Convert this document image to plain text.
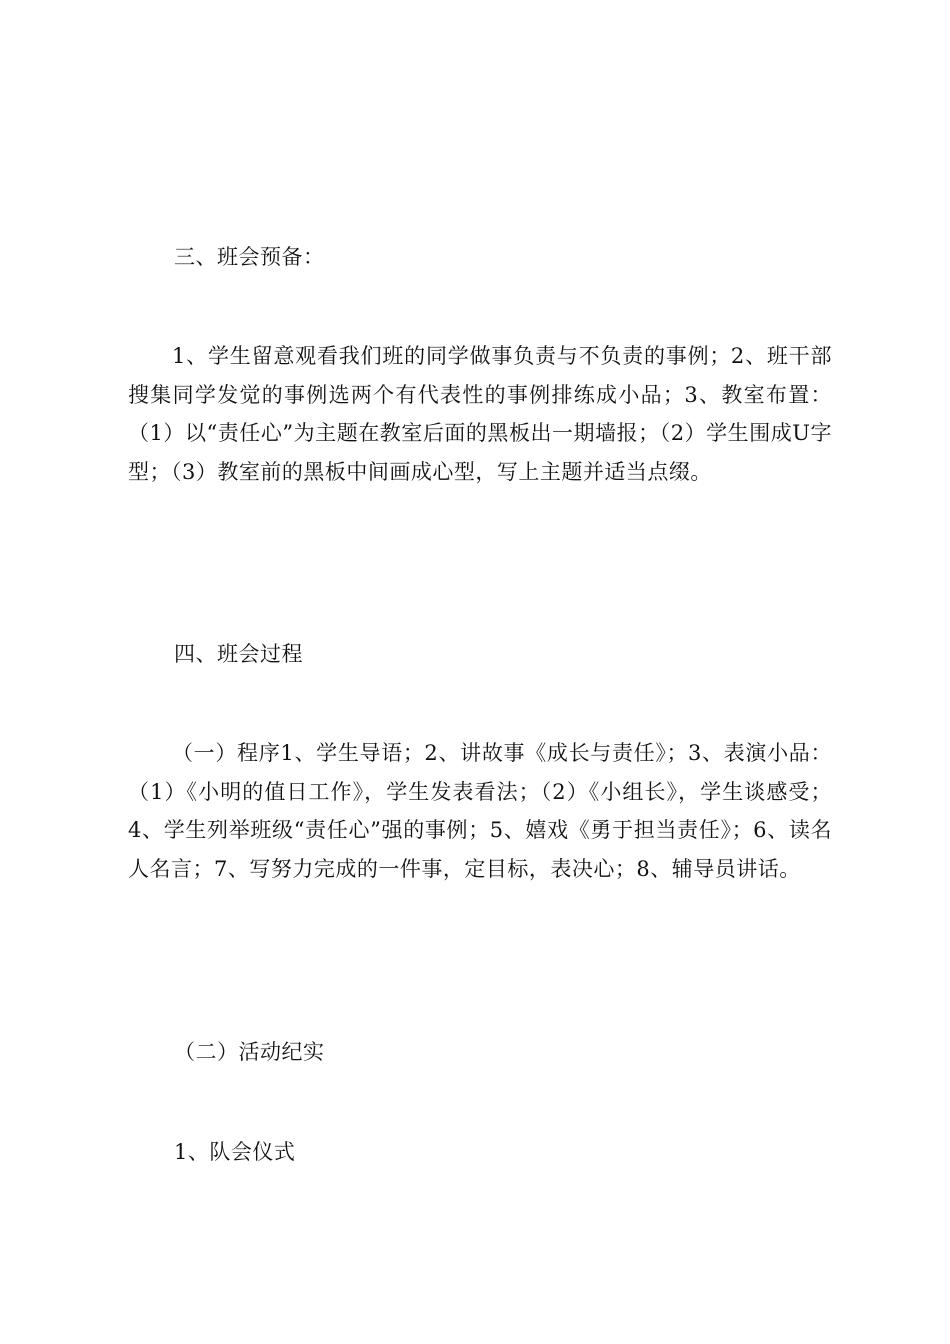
三、班会预备：

1、学生留意观看我们班的同学做事负责与不负责的事例；2、班干部搜集同学发觉的事例选两个有代表性的事例排练成小品；3、教室布置：（1）以“责任心”为主题在教室后面的黑板出一期墙报；（2）学生围成U字型；（3）教室前的黑板中间画成心型，写上主题并适当点缀。

四、班会过程

（一）程序1、学生导语；2、讲故事《成长与责任》；3、表演小品：（1）《小明的值日工作》，学生发表看法；（2）《小组长》，学生谈感受；4、学生列举班级“责任心”强的事例；5、嬉戏《勇于担当责任》；6、读名人名言；7、写努力完成的一件事，定目标，表决心；8、辅导员讲话。

（二）活动纪实

1、队会仪式
